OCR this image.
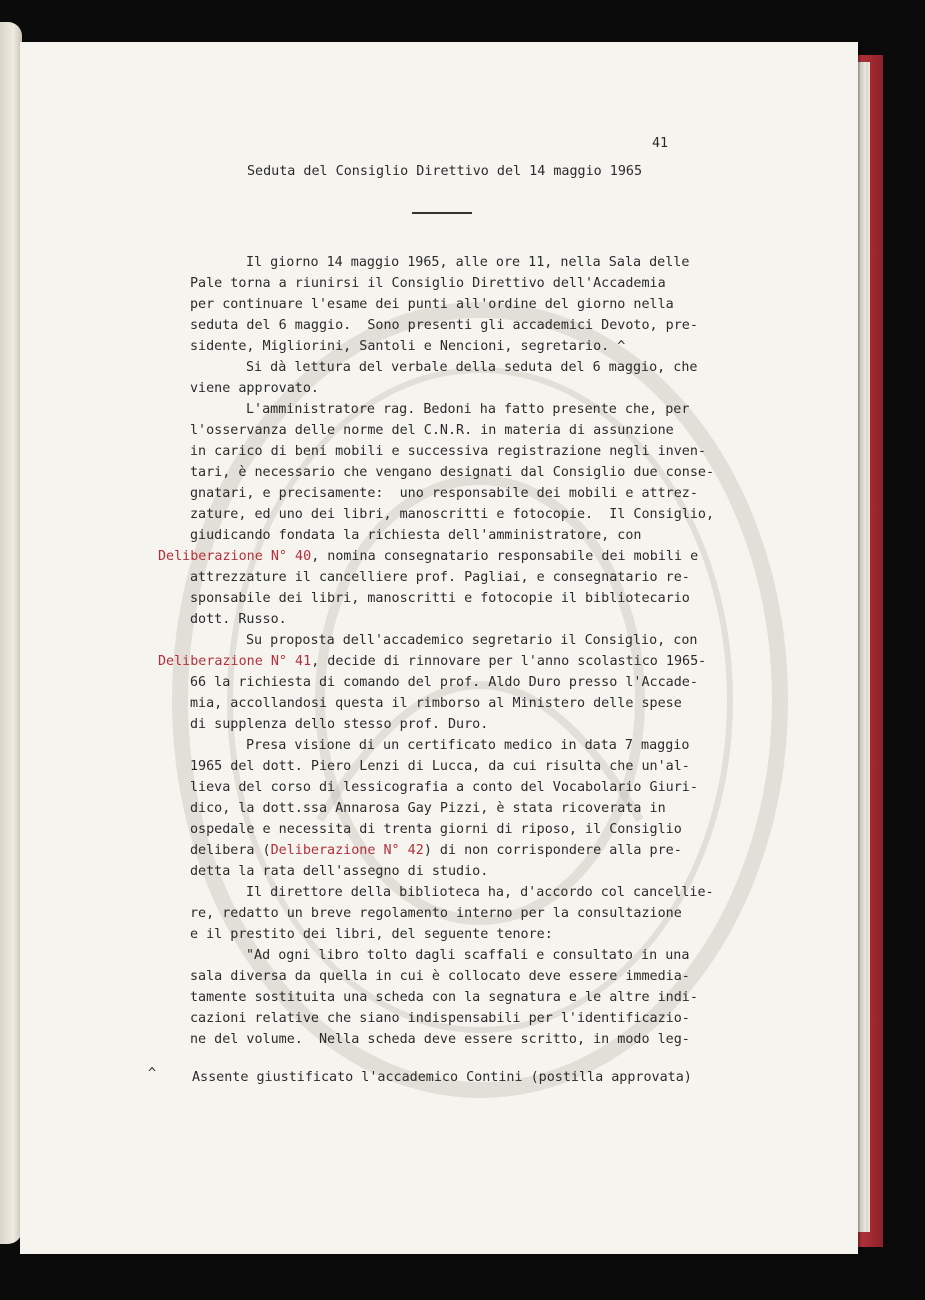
41
Seduta del Consiglio Direttivo del 14 maggio 1965
Il giorno 14 maggio 1965, alle ore 11, nella Sala delle
Pale torna a riunirsi il Consiglio Direttivo dell'Accademia
per continuare l'esame dei punti all'ordine del giorno nella
seduta del 6 maggio.  Sono presenti gli accademici Devoto, pre-
sidente, Migliorini, Santoli e Nencioni, segretario. ^
Si dà lettura del verbale della seduta del 6 maggio, che
viene approvato.
L'amministratore rag. Bedoni ha fatto presente che, per
l'osservanza delle norme del C.N.R. in materia di assunzione
in carico di beni mobili e successiva registrazione negli inven-
tari, è necessario che vengano designati dal Consiglio due conse-
gnatari, e precisamente:  uno responsabile dei mobili e attrez-
zature, ed uno dei libri, manoscritti e fotocopie.  Il Consiglio,
giudicando fondata la richiesta dell'amministratore, con
Deliberazione N° 40, nomina consegnatario responsabile dei mobili e
attrezzature il cancelliere prof. Pagliai, e consegnatario re-
sponsabile dei libri, manoscritti e fotocopie il bibliotecario
dott. Russo.
Su proposta dell'accademico segretario il Consiglio, con
Deliberazione N° 41, decide di rinnovare per l'anno scolastico 1965-
66 la richiesta di comando del prof. Aldo Duro presso l'Accade-
mia, accollandosi questa il rimborso al Ministero delle spese
di supplenza dello stesso prof. Duro.
Presa visione di un certificato medico in data 7 maggio
1965 del dott. Piero Lenzi di Lucca, da cui risulta che un'al-
lieva del corso di lessicografia a conto del Vocabolario Giuri-
dico, la dott.ssa Annarosa Gay Pizzi, è stata ricoverata in
ospedale e necessita di trenta giorni di riposo, il Consiglio
delibera (Deliberazione N° 42) di non corrispondere alla pre-
detta la rata dell'assegno di studio.
Il direttore della biblioteca ha, d'accordo col cancellie-
re, redatto un breve regolamento interno per la consultazione
e il prestito dei libri, del seguente tenore:
"Ad ogni libro tolto dagli scaffali e consultato in una
sala diversa da quella in cui è collocato deve essere immedia-
tamente sostituita una scheda con la segnatura e le altre indi-
cazioni relative che siano indispensabili per l'identificazio-
ne del volume.  Nella scheda deve essere scritto, in modo leg-
^	Assente giustificato l'accademico Contini (postilla approvata)
